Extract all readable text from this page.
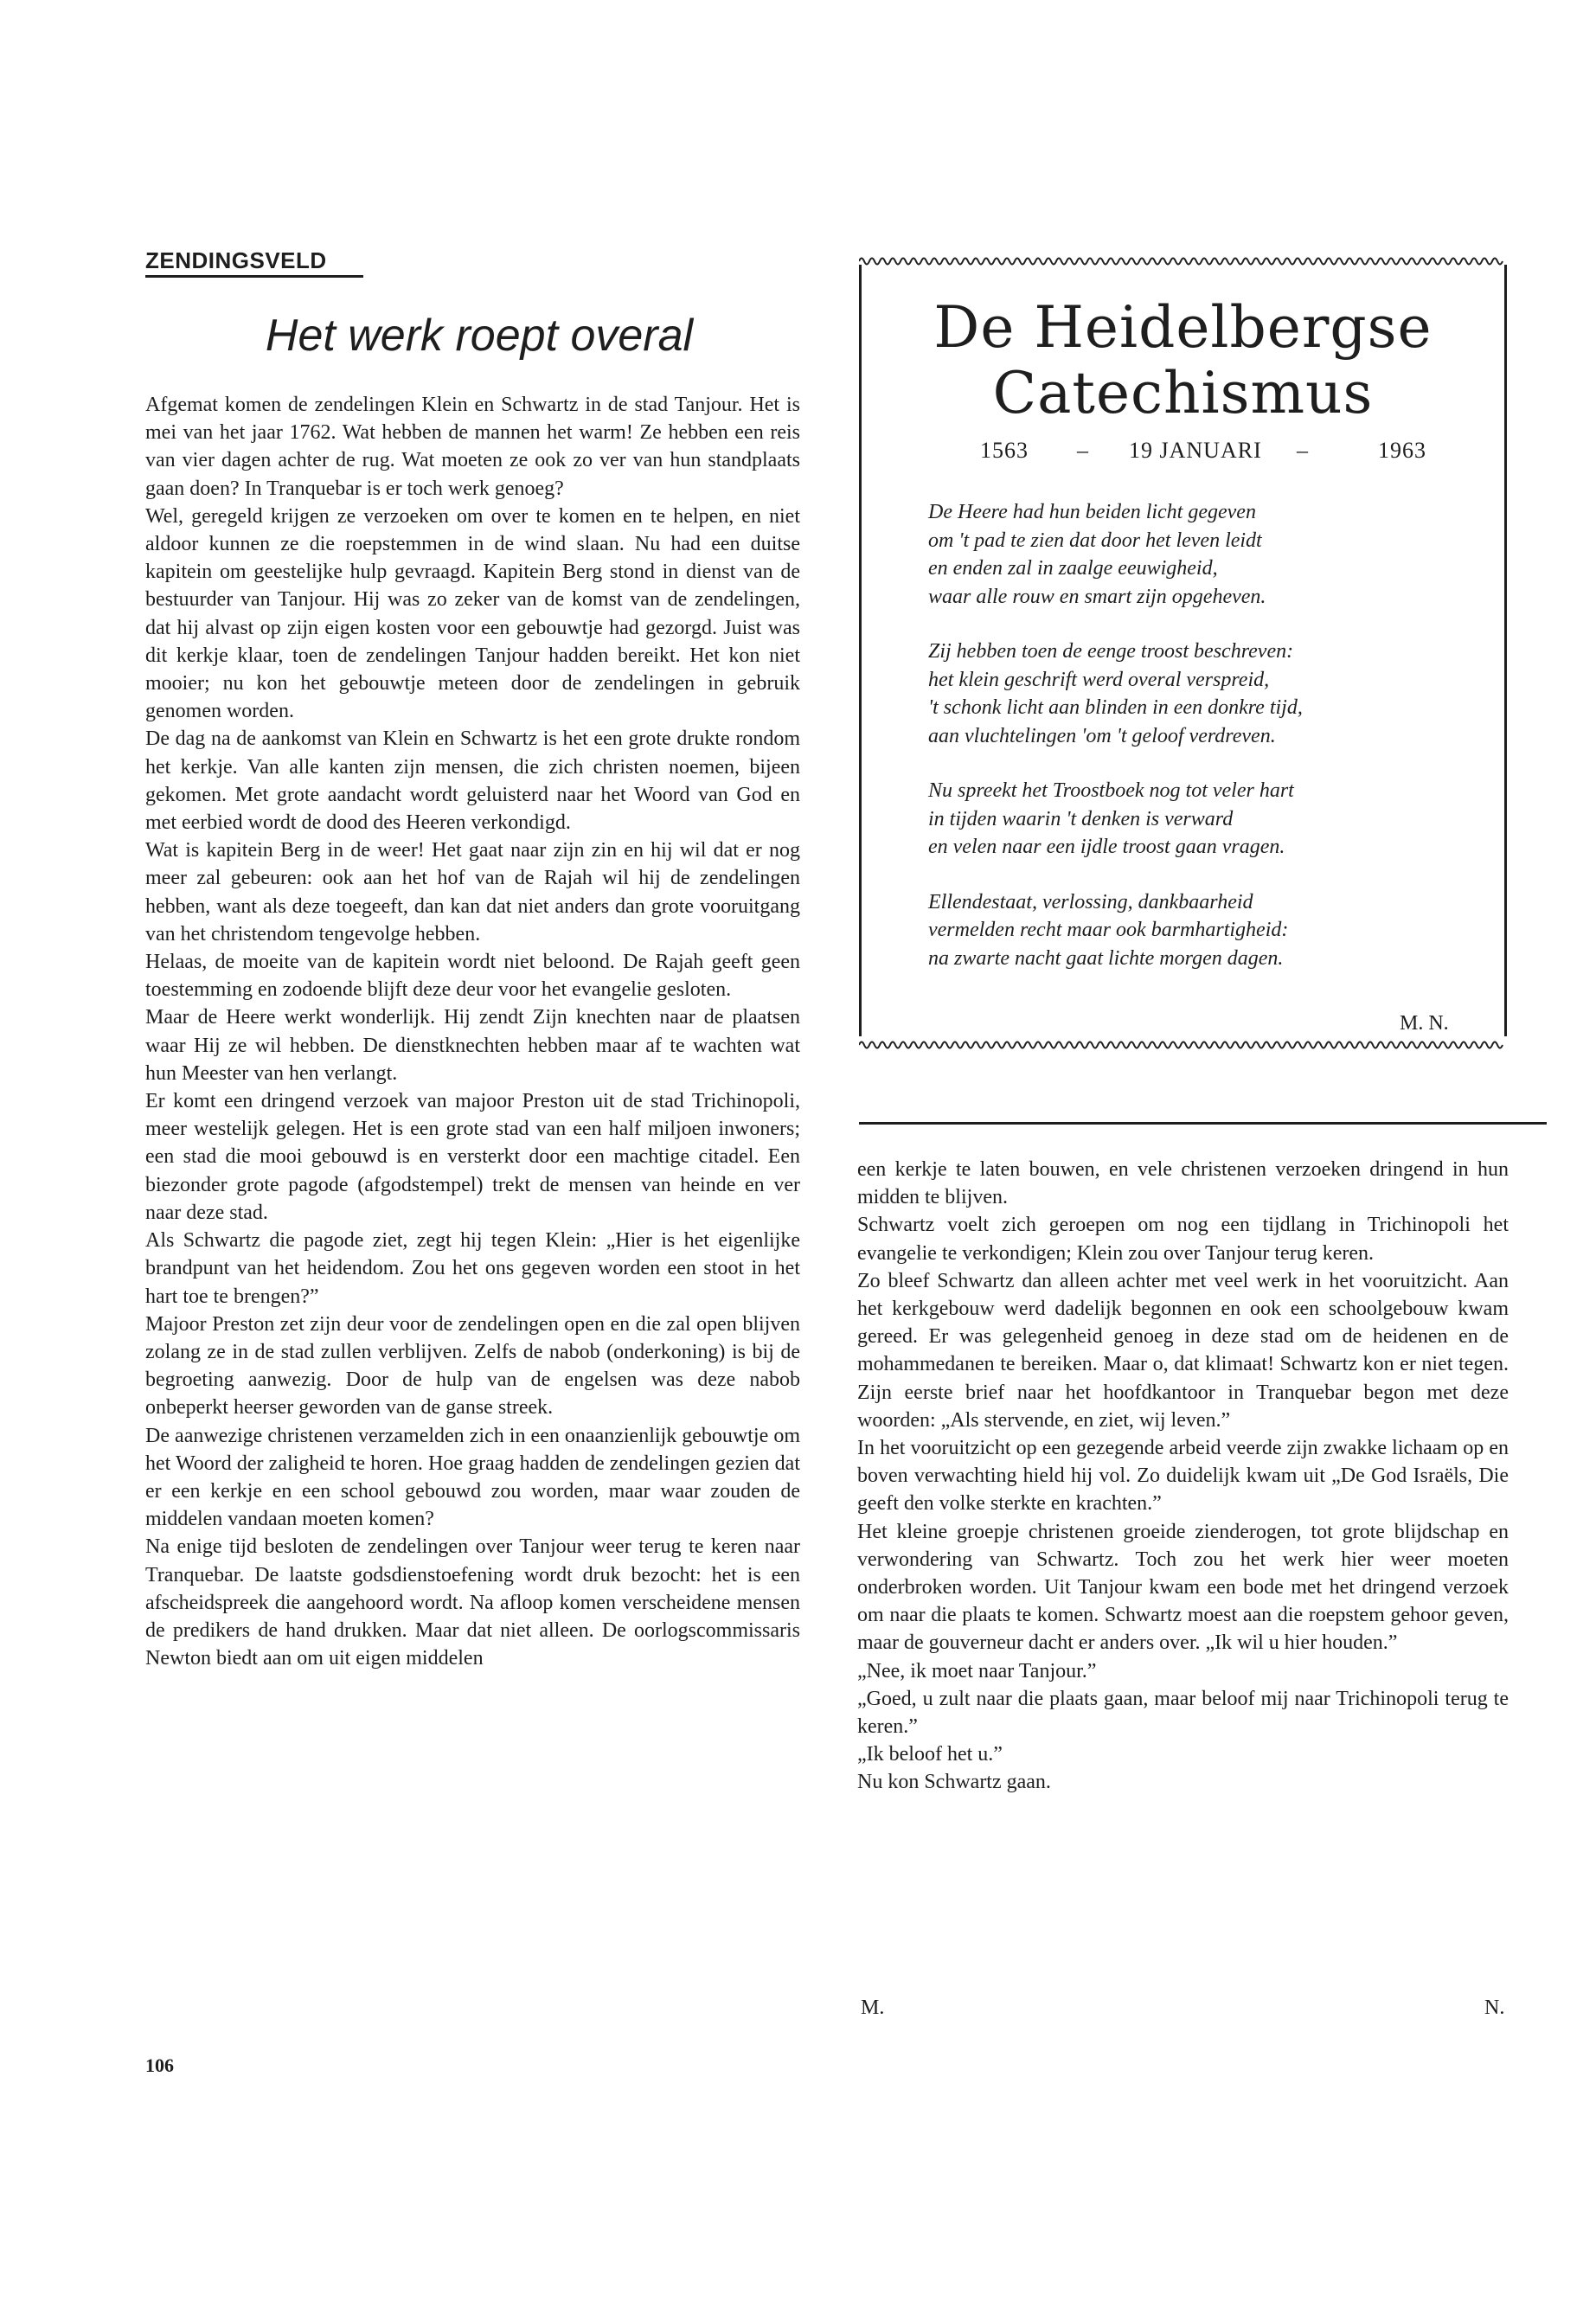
ZENDINGSVELD
Het werk roept overal

Afgemat komen de zendelingen Klein en Schwartz in de stad Tanjour. Het is mei van het jaar 1762. Wat hebben de mannen het warm! Ze hebben een reis van vier dagen achter de rug. Wat moeten ze ook zo ver van hun standplaats gaan doen? In Tranquebar is er toch werk genoeg?

Wel, geregeld krijgen ze verzoeken om over te komen en te helpen, en niet aldoor kunnen ze die roepstemmen in de wind slaan. Nu had een duitse kapitein om geestelijke hulp gevraagd. Kapitein Berg stond in dienst van de bestuurder van Tanjour. Hij was zo zeker van de komst van de zendelingen, dat hij alvast op zijn eigen kosten voor een gebouwtje had gezorgd. Juist was dit kerkje klaar, toen de zendelingen Tanjour hadden bereikt. Het kon niet mooier; nu kon het gebouwtje meteen door de zendelingen in gebruik genomen worden.

De dag na de aankomst van Klein en Schwartz is het een grote drukte rondom het kerkje. Van alle kanten zijn mensen, die zich christen noemen, bijeen gekomen. Met grote aandacht wordt geluisterd naar het Woord van God en met eerbied wordt de dood des Heeren verkondigd.

Wat is kapitein Berg in de weer! Het gaat naar zijn zin en hij wil dat er nog meer zal gebeuren: ook aan het hof van de Rajah wil hij de zendelingen hebben, want als deze toegeeft, dan kan dat niet anders dan grote vooruitgang van het christendom tengevolge hebben.

Helaas, de moeite van de kapitein wordt niet beloond. De Rajah geeft geen toestemming en zodoende blijft deze deur voor het evangelie gesloten.

Maar de Heere werkt wonderlijk. Hij zendt Zijn knechten naar de plaatsen waar Hij ze wil hebben. De dienstknechten hebben maar af te wachten wat hun Meester van hen verlangt.

Er komt een dringend verzoek van majoor Preston uit de stad Trichinopoli, meer westelijk gelegen. Het is een grote stad van een half miljoen inwoners; een stad die mooi gebouwd is en versterkt door een machtige citadel. Een biezonder grote pagode (afgodstempel) trekt de mensen van heinde en ver naar deze stad.

Als Schwartz die pagode ziet, zegt hij tegen Klein: „Hier is het eigenlijke brandpunt van het heidendom. Zou het ons gegeven worden een stoot in het hart toe te brengen?”

Majoor Preston zet zijn deur voor de zendelingen open en die zal open blijven zolang ze in de stad zullen verblijven. Zelfs de nabob (onderkoning) is bij de begroeting aanwezig. Door de hulp van de engelsen was deze nabob onbeperkt heerser geworden van de ganse streek.

De aanwezige christenen verzamelden zich in een onaanzienlijk gebouwtje om het Woord der zaligheid te horen. Hoe graag hadden de zendelingen gezien dat er een kerkje en een school gebouwd zou worden, maar waar zouden de middelen vandaan moeten komen?

Na enige tijd besloten de zendelingen over Tanjour weer terug te keren naar Tranquebar. De laatste godsdienstoefening wordt druk bezocht: het is een afscheidspreek die aangehoord wordt. Na afloop komen verscheidene mensen de predikers de hand drukken. Maar dat niet alleen. De oorlogscommissaris Newton biedt aan om uit eigen middelen

De Heidelbergse
Catechismus
1563 – 19 JANUARI –	1963
De Heere had hun beiden licht gegeven
om 't pad te zien dat door het leven leidt
en enden zal in zaalge eeuwigheid,
waar alle rouw en smart zijn opgeheven.
Zij hebben toen de eenge troost beschreven:
het klein geschrift werd overal verspreid,
't schonk licht aan blinden in een donkre tijd,
aan vluchtelingen 'om 't geloof verdreven.
Nu spreekt het Troostboek nog tot veler hart
in tijden waarin 't denken is verward
en velen naar een ijdle troost gaan vragen.
Ellendestaat, verlossing, dankbaarheid
vermelden recht maar ook barmhartigheid:
na zwarte nacht gaat lichte morgen dagen.
M. N.

een kerkje te laten bouwen, en vele christenen verzoeken dringend in hun midden te blijven.

Schwartz voelt zich geroepen om nog een tijdlang in Trichinopoli het evangelie te verkondigen; Klein zou over Tanjour terug keren.

Zo bleef Schwartz dan alleen achter met veel werk in het vooruitzicht. Aan het kerkgebouw werd dadelijk begonnen en ook een schoolgebouw kwam gereed. Er was gelegenheid genoeg in deze stad om de heidenen en de mohammedanen te bereiken. Maar o, dat klimaat! Schwartz kon er niet tegen. Zijn eerste brief naar het hoofdkantoor in Tranquebar begon met deze woorden: „Als stervende, en ziet, wij leven.”

In het vooruitzicht op een gezegende arbeid veerde zijn zwakke lichaam op en boven verwachting hield hij vol. Zo duidelijk kwam uit „De God Israëls, Die geeft den volke sterkte en krachten.”

Het kleine groepje christenen groeide zienderogen, tot grote blijdschap en verwondering van Schwartz. Toch zou het werk hier weer moeten onderbroken worden. Uit Tanjour kwam een bode met het dringend verzoek om naar die plaats te komen. Schwartz moest aan die roepstem gehoor geven, maar de gouverneur dacht er anders over. „Ik wil u hier houden.”

„Nee, ik moet naar Tanjour.”

„Goed, u zult naar die plaats gaan, maar beloof mij naar Trichinopoli terug te keren.”

„Ik beloof het u.”

Nu kon Schwartz gaan.

M.	N.
106
